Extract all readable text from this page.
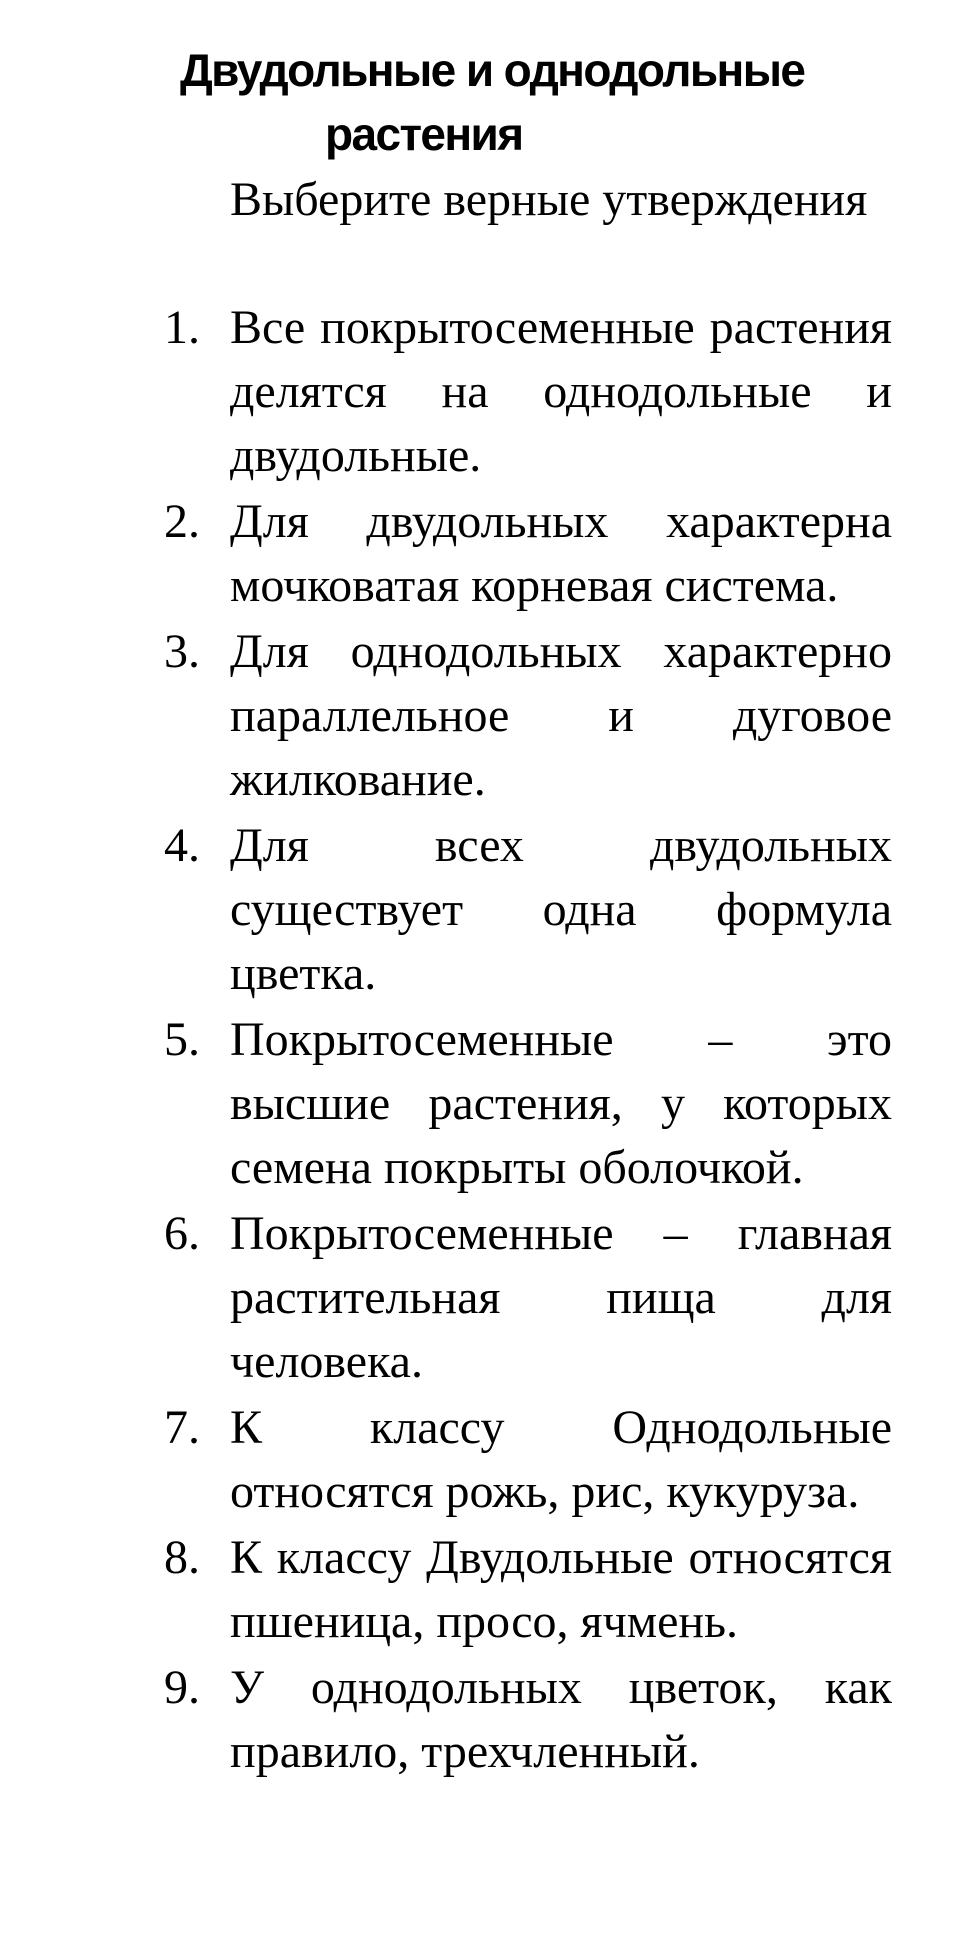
Двудольные и однодольные
растения

Выберите верные утверждения

1. Все покрытосеменные растения делятся на однодольные и двудольные.
2. Для двудольных характерна мочковатая корневая система.
3. Для однодольных характерно параллельное и дуговое жилкование.
4. Для всех двудольных существует одна формула цветка.
5. Покрытосеменные – это высшие растения, у которых семена покрыты оболочкой.
6. Покрытосеменные – главная растительная пища для человека.
7. К классу Однодольные относятся рожь, рис, кукуруза.
8. К классу Двудольные относятся пшеница, просо, ячмень.
9. У однодольных цветок, как правило, трехчленный.
